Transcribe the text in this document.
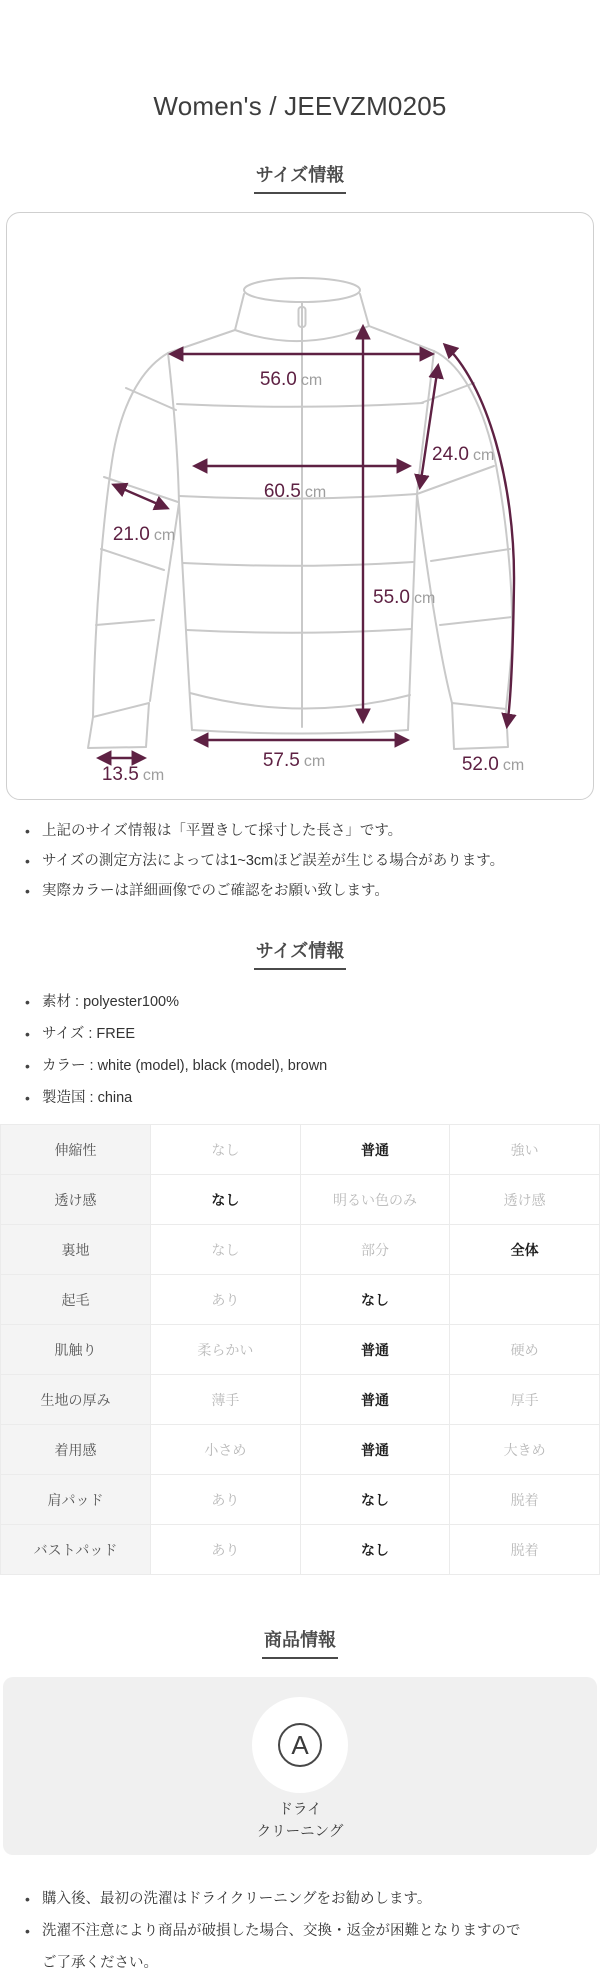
Women's / JEEVZM0205
サイズ情報
56.0 cm
60.5 cm
55.0 cm
24.0 cm
21.0 cm
13.5 cm
57.5 cm	52.0 cm
• 上記のサイズ情報は「平置きして採寸した長さ」です。
• サイズの測定方法によっては1~3cmほど誤差が生じる場合があります。
• 実際カラーは詳細画像でのご確認をお願い致します。
サイズ情報
• 素材 : polyester100%
• サイズ : FREE
• カラー : white (model), black (model), brown
• 製造国 : china
伸縮性	なし	普通	強い
透け感	なし	明るい色のみ	透け感
裏地	なし	部分	全体
起毛	あり	なし	
肌触り	柔らかい	普通	硬め
生地の厚み	薄手	普通	厚手
着用感	小さめ	普通	大きめ
肩パッド	あり	なし	脱着
バストパッド	あり	なし	脱着
商品情報
A
ドライ
クリーニング
• 購入後、最初の洗濯はドライクリーニングをお勧めします。
• 洗濯不注意により商品が破損した場合、交換・返金が困難となりますのでご了承ください。
